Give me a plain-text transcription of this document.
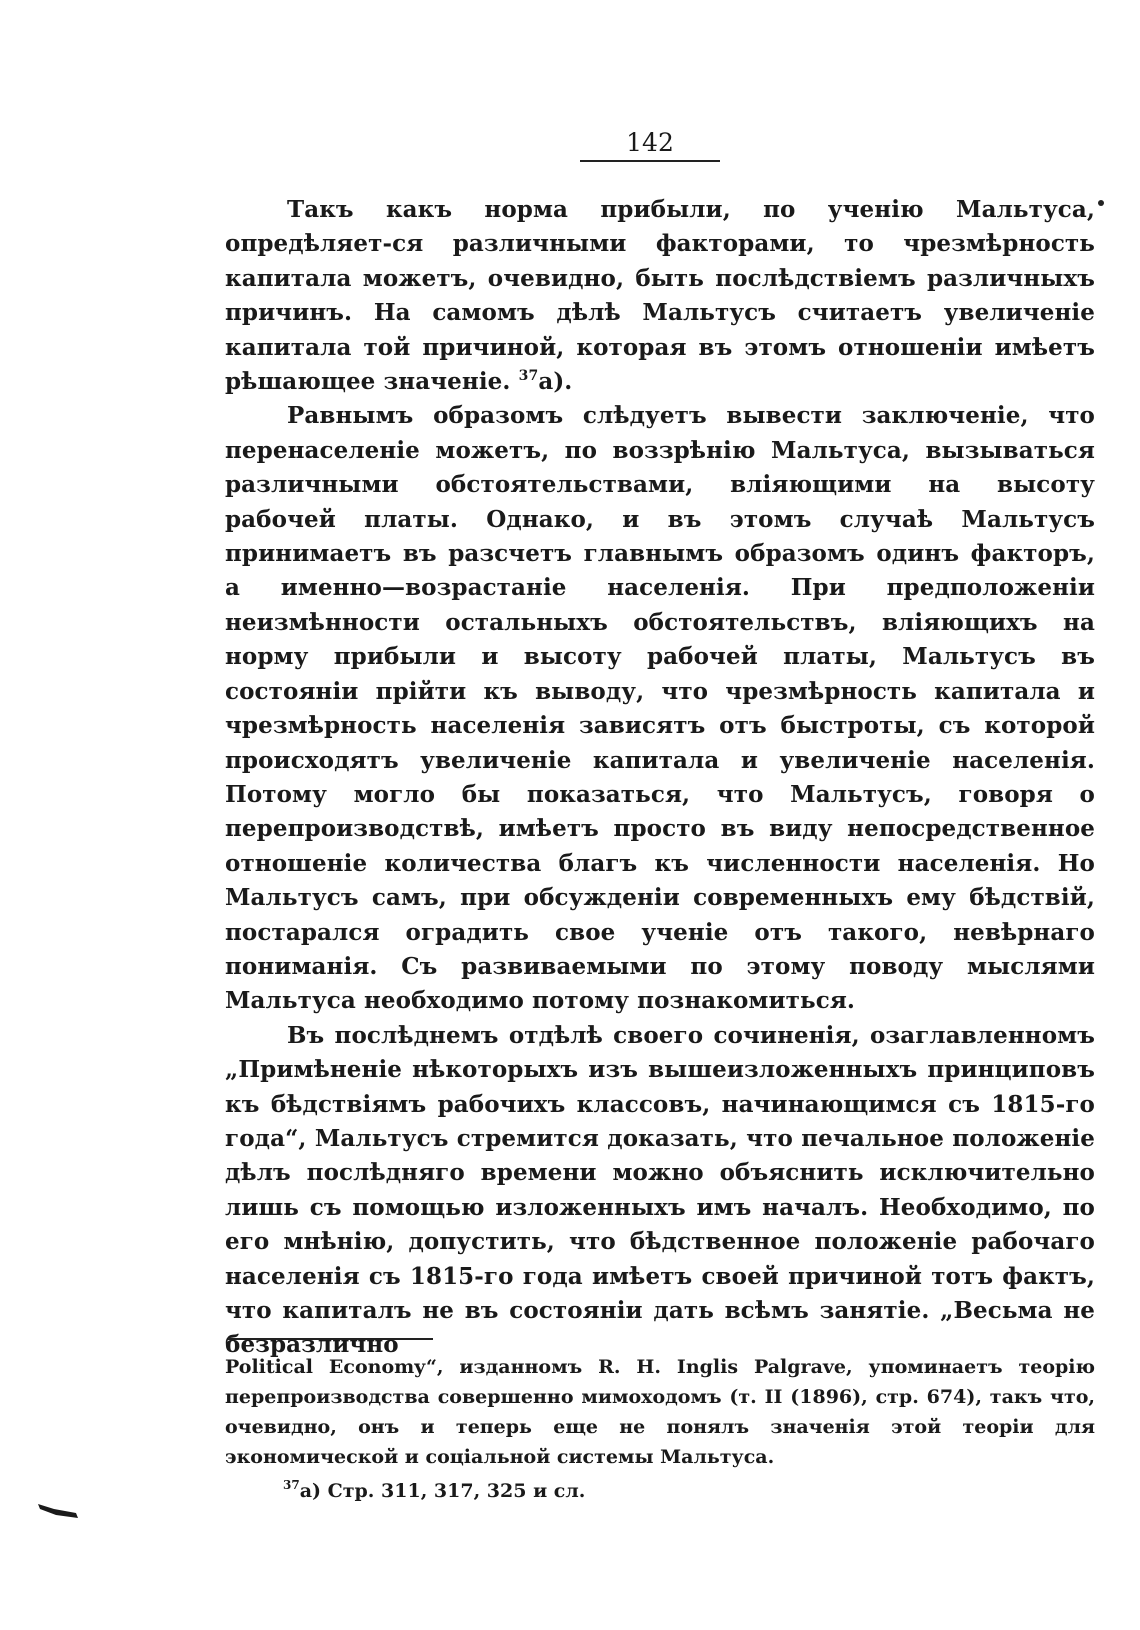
142

Такъ какъ норма прибыли, по ученію Мальтуса, опредѣляет-ся различными факторами, то чрезмѣрность капитала можетъ, очевидно, быть послѣдствіемъ различныхъ причинъ. На самомъ дѣлѣ Мальтусъ считаетъ увеличеніе капитала той причиной, которая въ этомъ отношеніи имѣетъ рѣшающее значеніе. $^{37}$а).

Равнымъ образомъ слѣдуетъ вывести заключеніе, что перенаселеніе можетъ, по воззрѣнію Мальтуса, вызываться различными обстоятельствами, вліяющими на высоту рабочей платы. Однако, и въ этомъ случаѣ Мальтусъ принимаетъ въ разсчетъ главнымъ образомъ одинъ факторъ, а именно—возрастаніе населенія. При предположеніи неизмѣнности остальныхъ обстоятельствъ, вліяющихъ на норму прибыли и высоту рабочей платы, Мальтусъ въ состояніи прійти къ выводу, что чрезмѣрность капитала и чрезмѣрность населенія зависятъ отъ быстроты, съ которой происходятъ увеличеніе капитала и увеличеніе населенія. Потому могло бы показаться, что Мальтусъ, говоря о перепроизводствѣ, имѣетъ просто въ виду непосредственное отношеніе количества благъ къ численности населенія. Но Мальтусъ самъ, при обсужденіи современныхъ ему бѣдствій, постарался оградить свое ученіе отъ такого, невѣрнаго пониманія. Съ развиваемыми по этому поводу мыслями Мальтуса необходимо потому познакомиться.

Въ послѣднемъ отдѣлѣ своего сочиненія, озаглавленномъ „Примѣненіе нѣкоторыхъ изъ вышеизложенныхъ принциповъ къ бѣдствіямъ рабочихъ классовъ, начинающимся съ 1815-го года“, Мальтусъ стремится доказать, что печальное положеніе дѣлъ послѣдняго времени можно объяснить исключительно лишь съ помощью изложенныхъ имъ началъ. Необходимо, по его мнѣнію, допустить, что бѣдственное положеніе рабочаго населенія съ 1815-го года имѣетъ своей причиной тотъ фактъ, что капиталъ не въ состояніи дать всѣмъ занятіе. „Весьма не безразлично

Political Economy“, изданномъ R. H. Inglis Palgrave, упоминаетъ теорію перепроизводства совершенно мимоходомъ (т. II (1896), стр. 674), такъ что, очевидно, онъ и теперь еще не понялъ значенія этой теоріи для экономической и соціальной системы Мальтуса.

$^{37}$а) Стр. 311, 317, 325 и сл.
